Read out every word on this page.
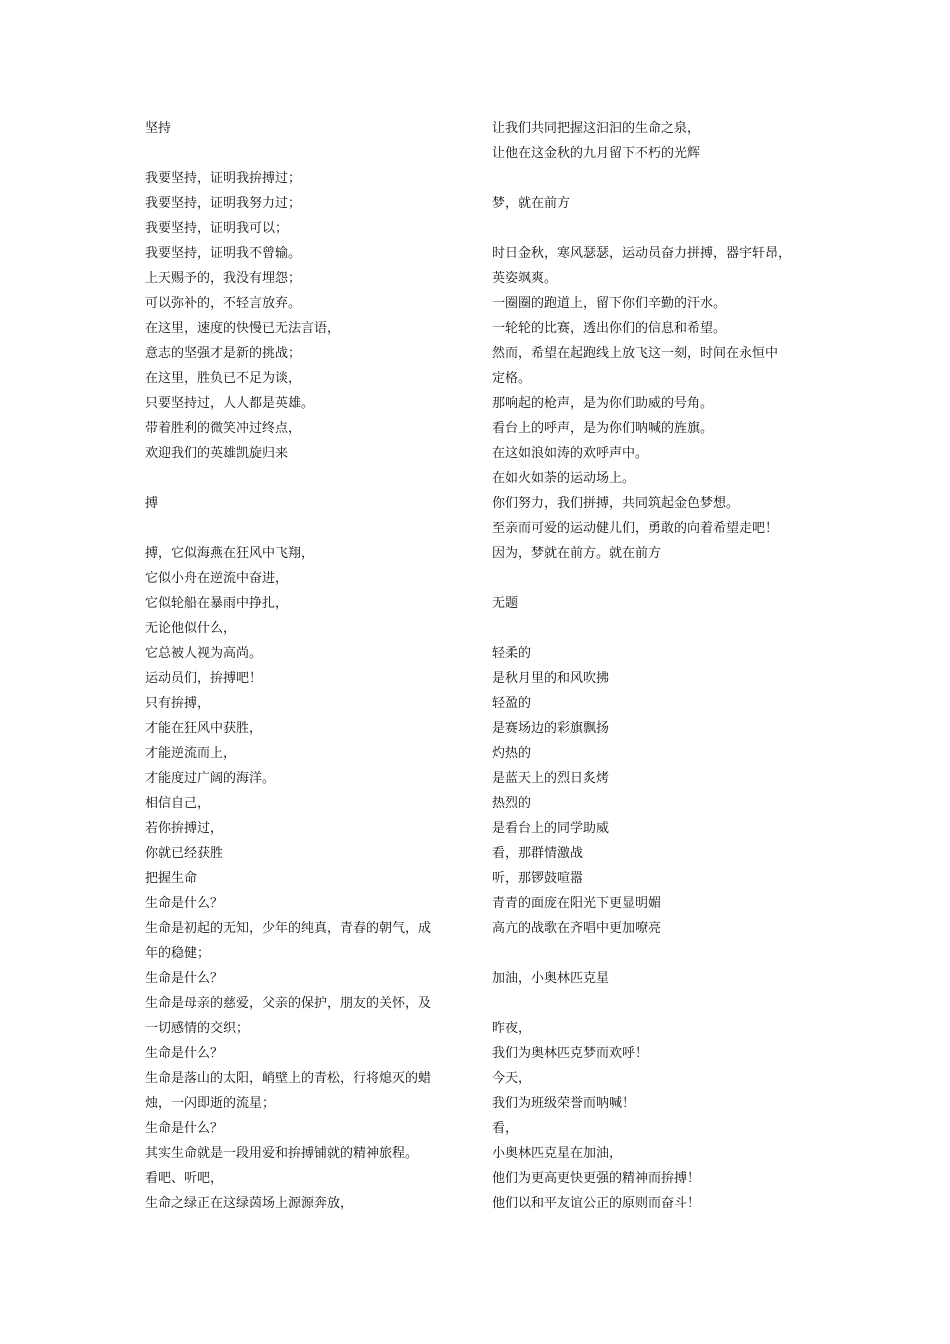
坚持
我要坚持，证明我拚搏过；
我要坚持，证明我努力过；
我要坚持，证明我可以；
我要坚持，证明我不曾输。
上天赐予的，我没有埋怨；
可以弥补的，不轻言放弃。
在这里，速度的快慢已无法言语，
意志的坚强才是新的挑战；
在这里，胜负已不足为谈，
只要坚持过，人人都是英雄。
带着胜利的微笑冲过终点，
欢迎我们的英雄凯旋归来
搏
搏，它似海燕在狂风中飞翔，
它似小舟在逆流中奋进，
它似轮船在暴雨中挣扎，
无论他似什么，
它总被人视为高尚。
运动员们，拚搏吧！
只有拚搏，
才能在狂风中获胜，
才能逆流而上，
才能度过广阔的海洋。
相信自己，
若你拚搏过，
你就已经获胜
把握生命
生命是什么？
生命是初起的无知，少年的纯真，青春的朝气，成
年的稳健；
生命是什么？
生命是母亲的慈爱，父亲的保护，朋友的关怀，及
一切感情的交织；
生命是什么？
生命是落山的太阳，峭壁上的青松，行将熄灭的蜡
烛，一闪即逝的流星；
生命是什么？
其实生命就是一段用爱和拚搏铺就的精神旅程。
看吧、听吧，
生命之绿正在这绿茵场上源源奔放，
让我们共同把握这汩汩的生命之泉，
让他在这金秋的九月留下不朽的光辉
梦，就在前方
时日金秋，寒风瑟瑟，运动员奋力拼搏，器宇轩昂，
英姿飒爽。
一圈圈的跑道上，留下你们辛勤的汗水。
一轮轮的比赛，透出你们的信息和希望。
然而，希望在起跑线上放飞这一刻，时间在永恒中
定格。
那响起的枪声，是为你们助威的号角。
看台上的呼声，是为你们呐喊的旌旗。
在这如浪如涛的欢呼声中。
在如火如荼的运动场上。
你们努力，我们拼搏，共同筑起金色梦想。
至亲而可爱的运动健儿们，勇敢的向着希望走吧！
因为，梦就在前方。就在前方
无题
轻柔的
是秋月里的和风吹拂
轻盈的
是赛场边的彩旗飘扬
灼热的
是蓝天上的烈日炙烤
热烈的
是看台上的同学助威
看，那群情激战
听，那锣鼓喧嚣
青青的面庞在阳光下更显明媚
高亢的战歌在齐唱中更加嘹亮
加油，小奥林匹克星
昨夜，
我们为奥林匹克梦而欢呼！
今天，
我们为班级荣誉而呐喊！
看，
小奥林匹克星在加油，
他们为更高更快更强的精神而拚搏！
他们以和平友谊公正的原则而奋斗！
